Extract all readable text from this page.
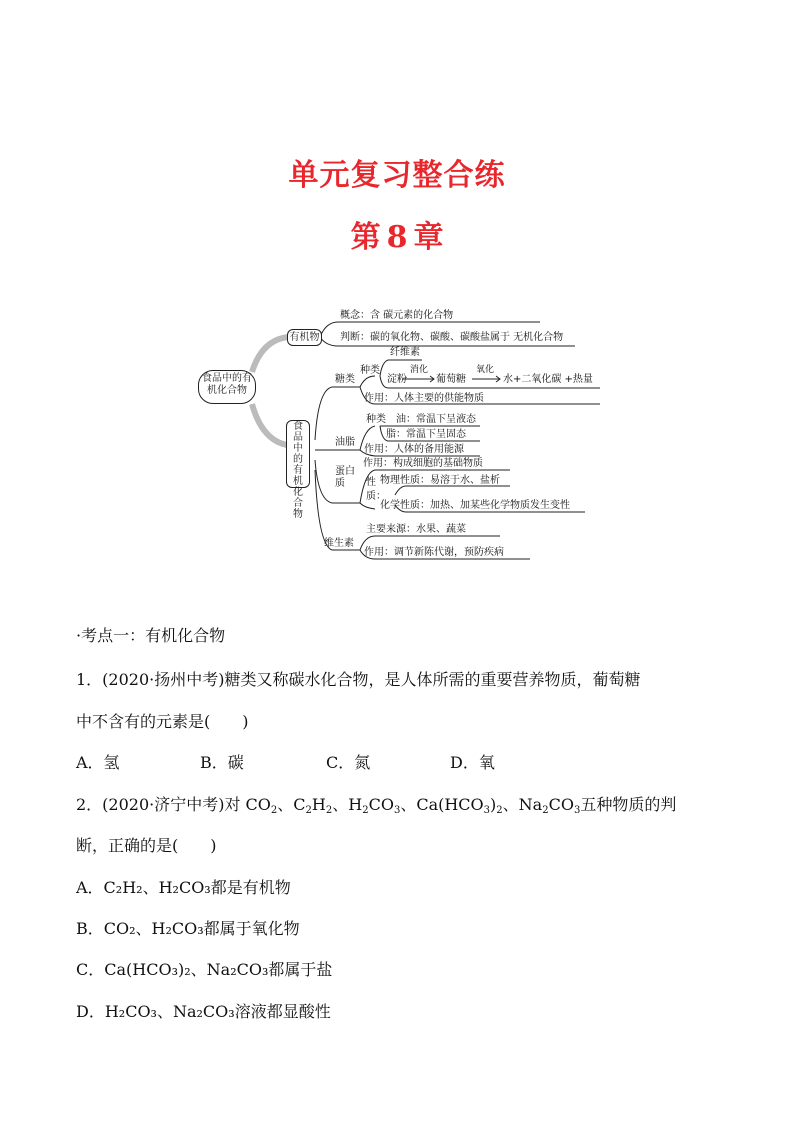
单元复习整合练
第 8 章
食品中的有机化合物
有机物
概念：含 碳元素的化合物
判断：碳的氧化物、碳酸、碳酸盐属于 无机化合物
食品中的有机化合物
糖类
种类
纤维素
淀粉
消化
葡萄糖
氧化
水+二氧化碳 +热量
作用：人体主要的供能物质
油脂
种类 油：常温下呈液态
脂：常温下呈固态
作用：人体的备用能源
蛋白质
作用：构成细胞的基础物质
性质：
物理性质：易溶于水、盐析
化学性质：加热、加某些化学物质发生变性
维生素
主要来源：水果、蔬菜
作用：调节新陈代谢，预防疾病
·考点一：有机化合物
1．(2020·扬州中考)糖类又称碳水化合物，是人体所需的重要营养物质，葡萄糖
中不含有的元素是(　　)
A．氢	B．碳	C．氮	D．氧
2．(2020·济宁中考)对 $CO_2$、$C_2H_2$、$H_2CO_3$、$Ca(HCO_3)_2$、$Na_2CO_3$五种物质的判
断，正确的是(　　)
A．C₂H₂、H₂CO₃都是有机物
B．CO₂、H₂CO₃都属于氧化物
C．Ca(HCO₃)₂、Na₂CO₃都属于盐
D．H₂CO₃、Na₂CO₃溶液都显酸性
